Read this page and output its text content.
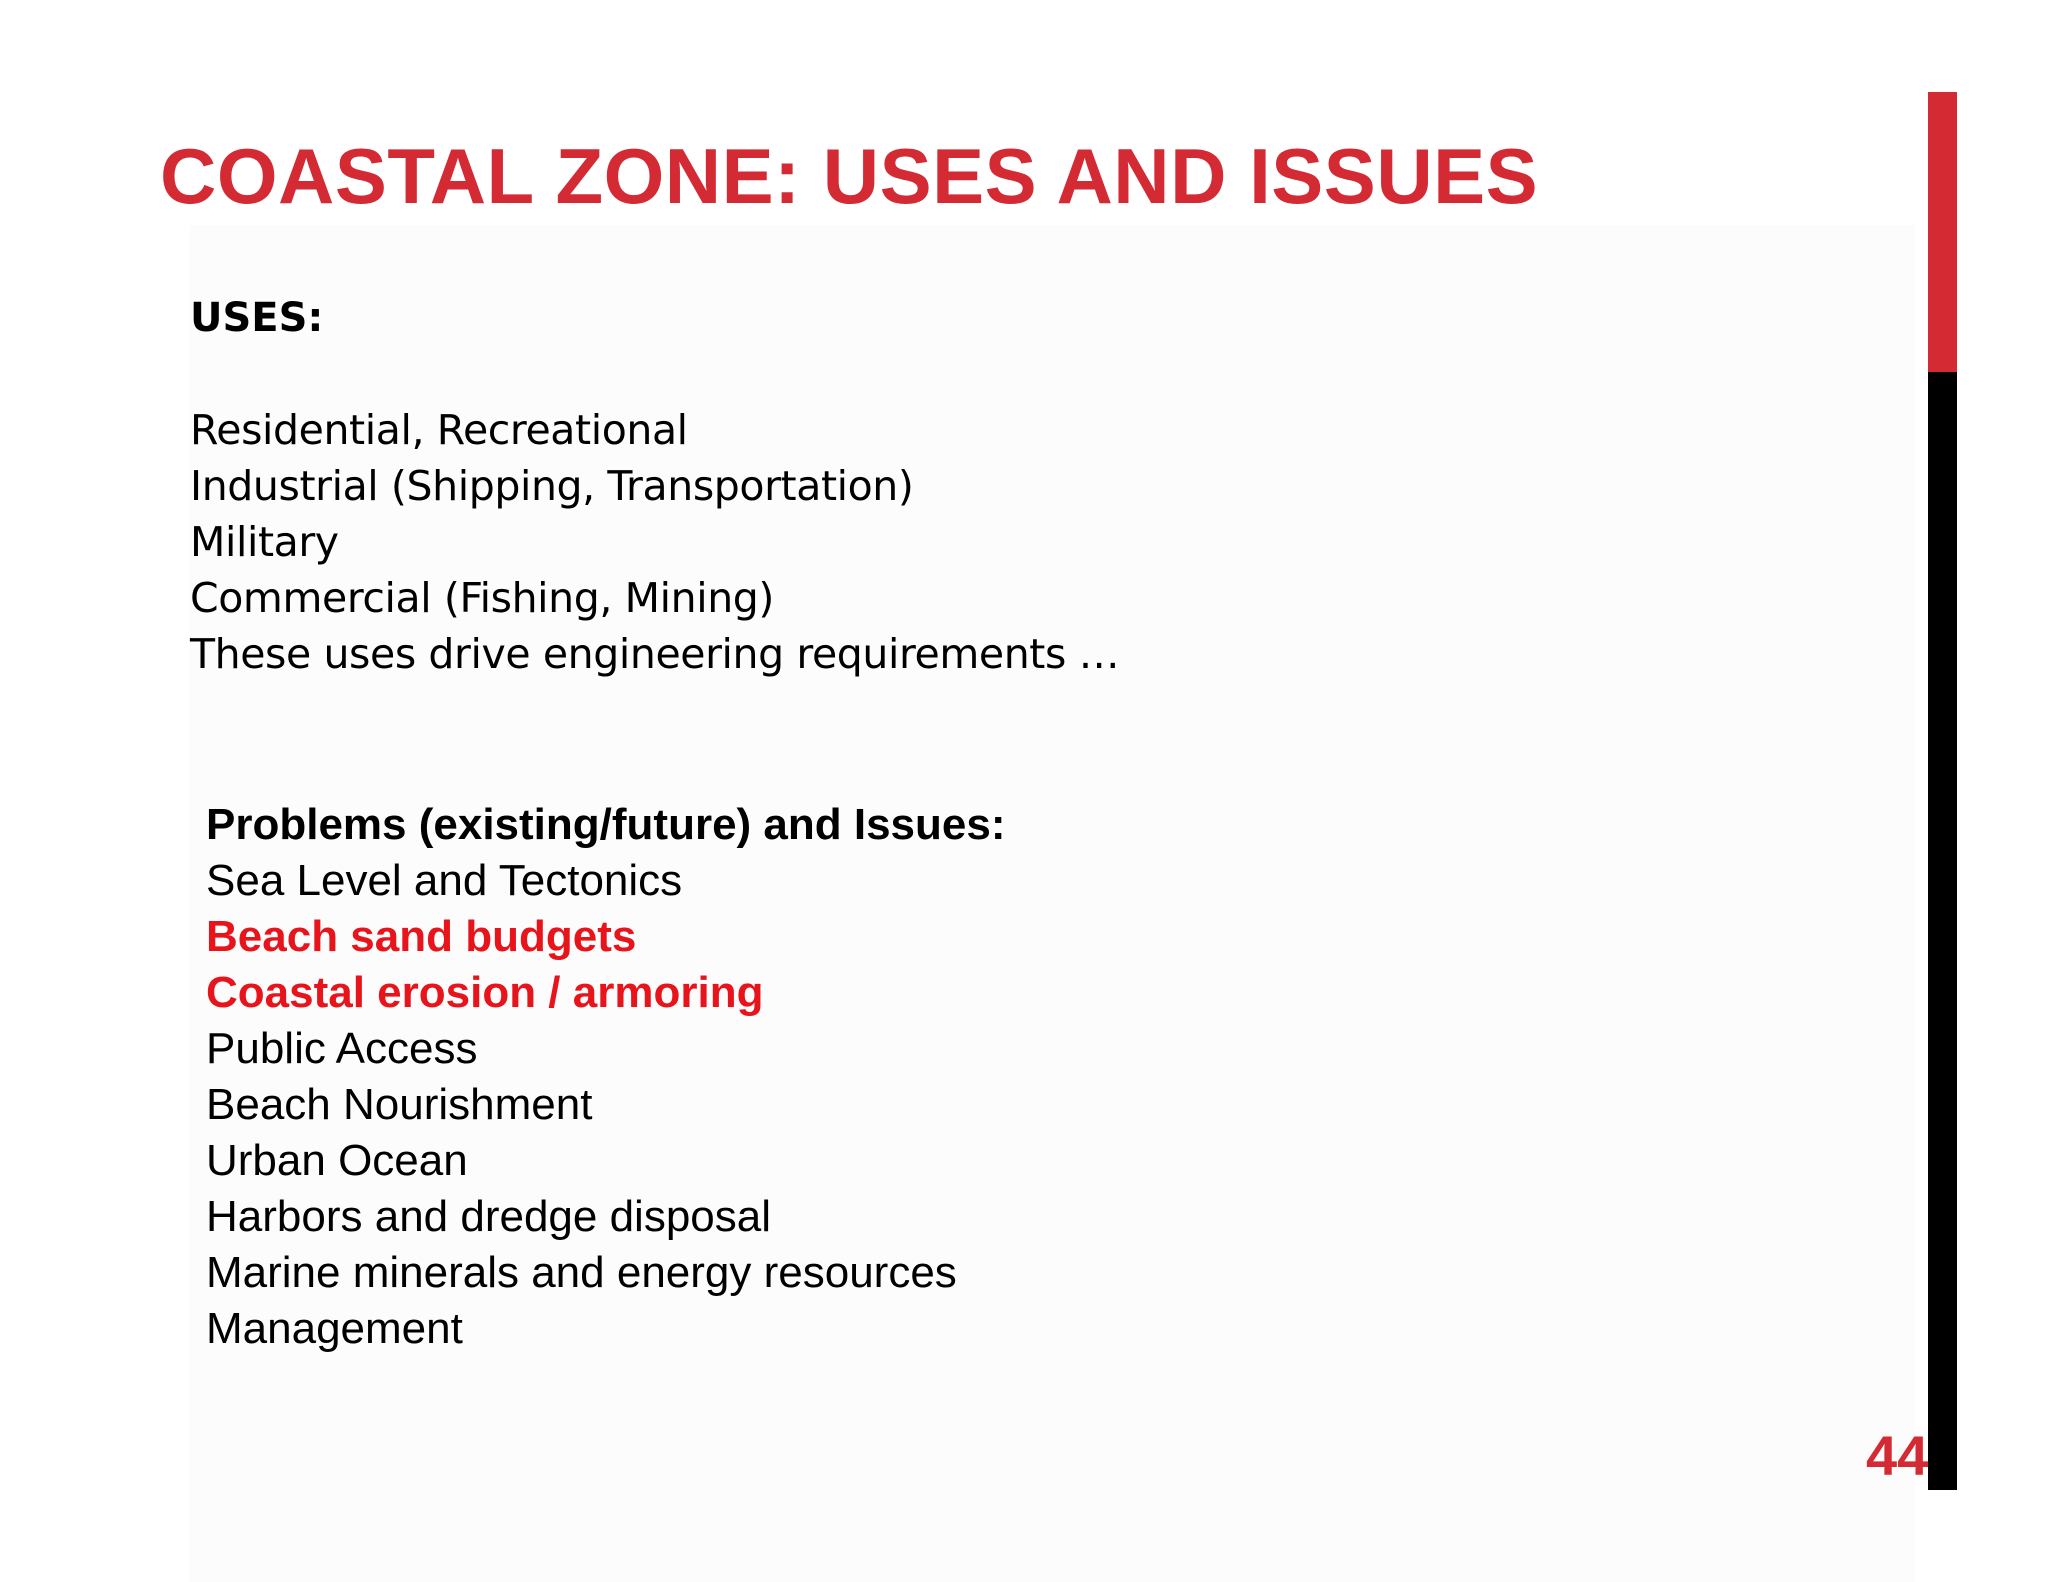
COASTAL ZONE: USES AND ISSUES
USES:
Residential, Recreational
Industrial (Shipping, Transportation)
Military
Commercial (Fishing, Mining)
These uses drive engineering requirements …
Problems (existing/future) and Issues:
Sea Level and Tectonics
Beach sand budgets
Coastal erosion / armoring
Public Access
Beach Nourishment
Urban Ocean
Harbors and dredge disposal
Marine minerals and energy resources
Management
44
